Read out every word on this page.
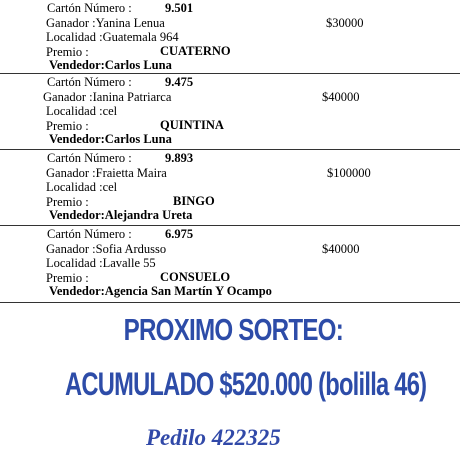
Cartón Número :	9.501
Ganador :Yanina Lenua	$30000
Localidad :Guatemala 964
Premio :	CUATERNO
Vendedor:Carlos Luna
Cartón Número :	9.475
Ganador :Ianina Patriarca	$40000
Localidad :cel
Premio :	QUINTINA
Vendedor:Carlos Luna
Cartón Número :	9.893
Ganador :Fraietta Maira	$100000
Localidad :cel
Premio :	BINGO
Vendedor:Alejandra Ureta
Cartón Número :	6.975
Ganador :Sofia Ardusso	$40000
Localidad :Lavalle 55
Premio :	CONSUELO
Vendedor:Agencia San Martín Y Ocampo
PROXIMO SORTEO:
ACUMULADO $520.000 (bolilla 46)
Pedilo 422325
